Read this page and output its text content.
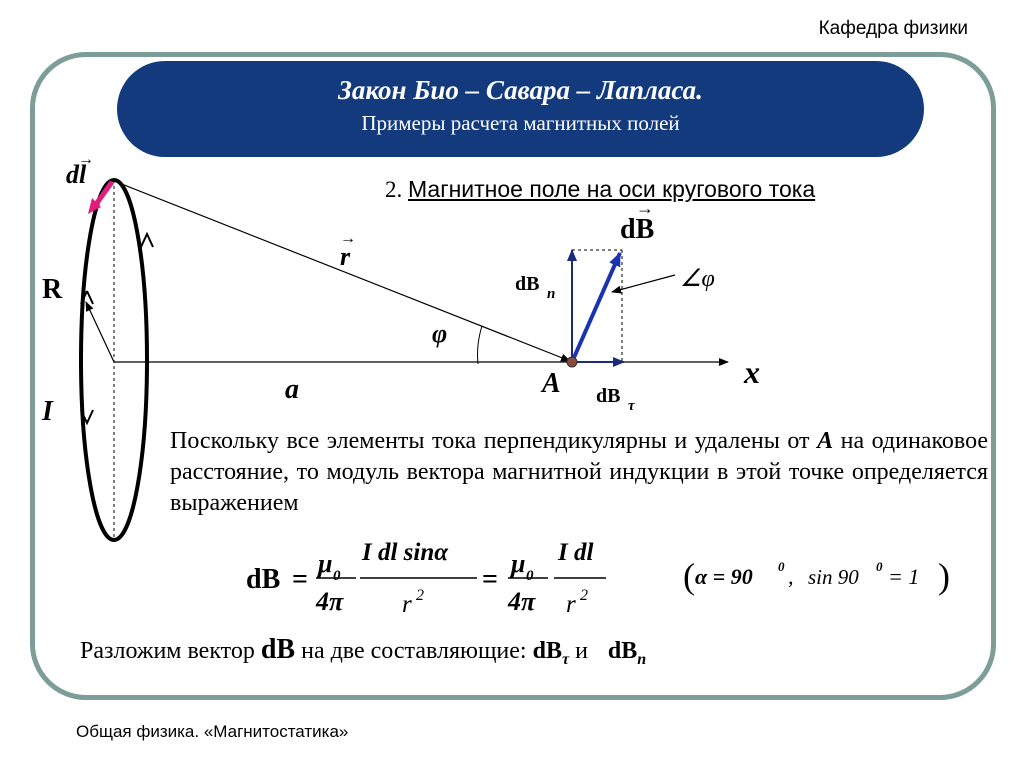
Кафедра физики
Закон Био – Савара – Лапласа.
Примеры расчета магнитных полей
2. Магнитное поле на оси кругового тока
dl
→
r
→
R
I
a
φ
A	x
dB
→
dB n
dB τ
∠φ
dB =
μ 0
4π
I dl sinα
r 2
=
μ 0
4π
I dl
r 2	( α = 90 0 , sin 90 0 = 1 )
Поскольку все элементы тока перпендикулярны и удалены от A на одинаковое расстояние, то модуль вектора магнитной индукции в этой точке определяется выражением
Разложим вектор dB на две составляющие: $dB_\tau$ и $dB_n$
Общая физика. «Магнитостатика»
